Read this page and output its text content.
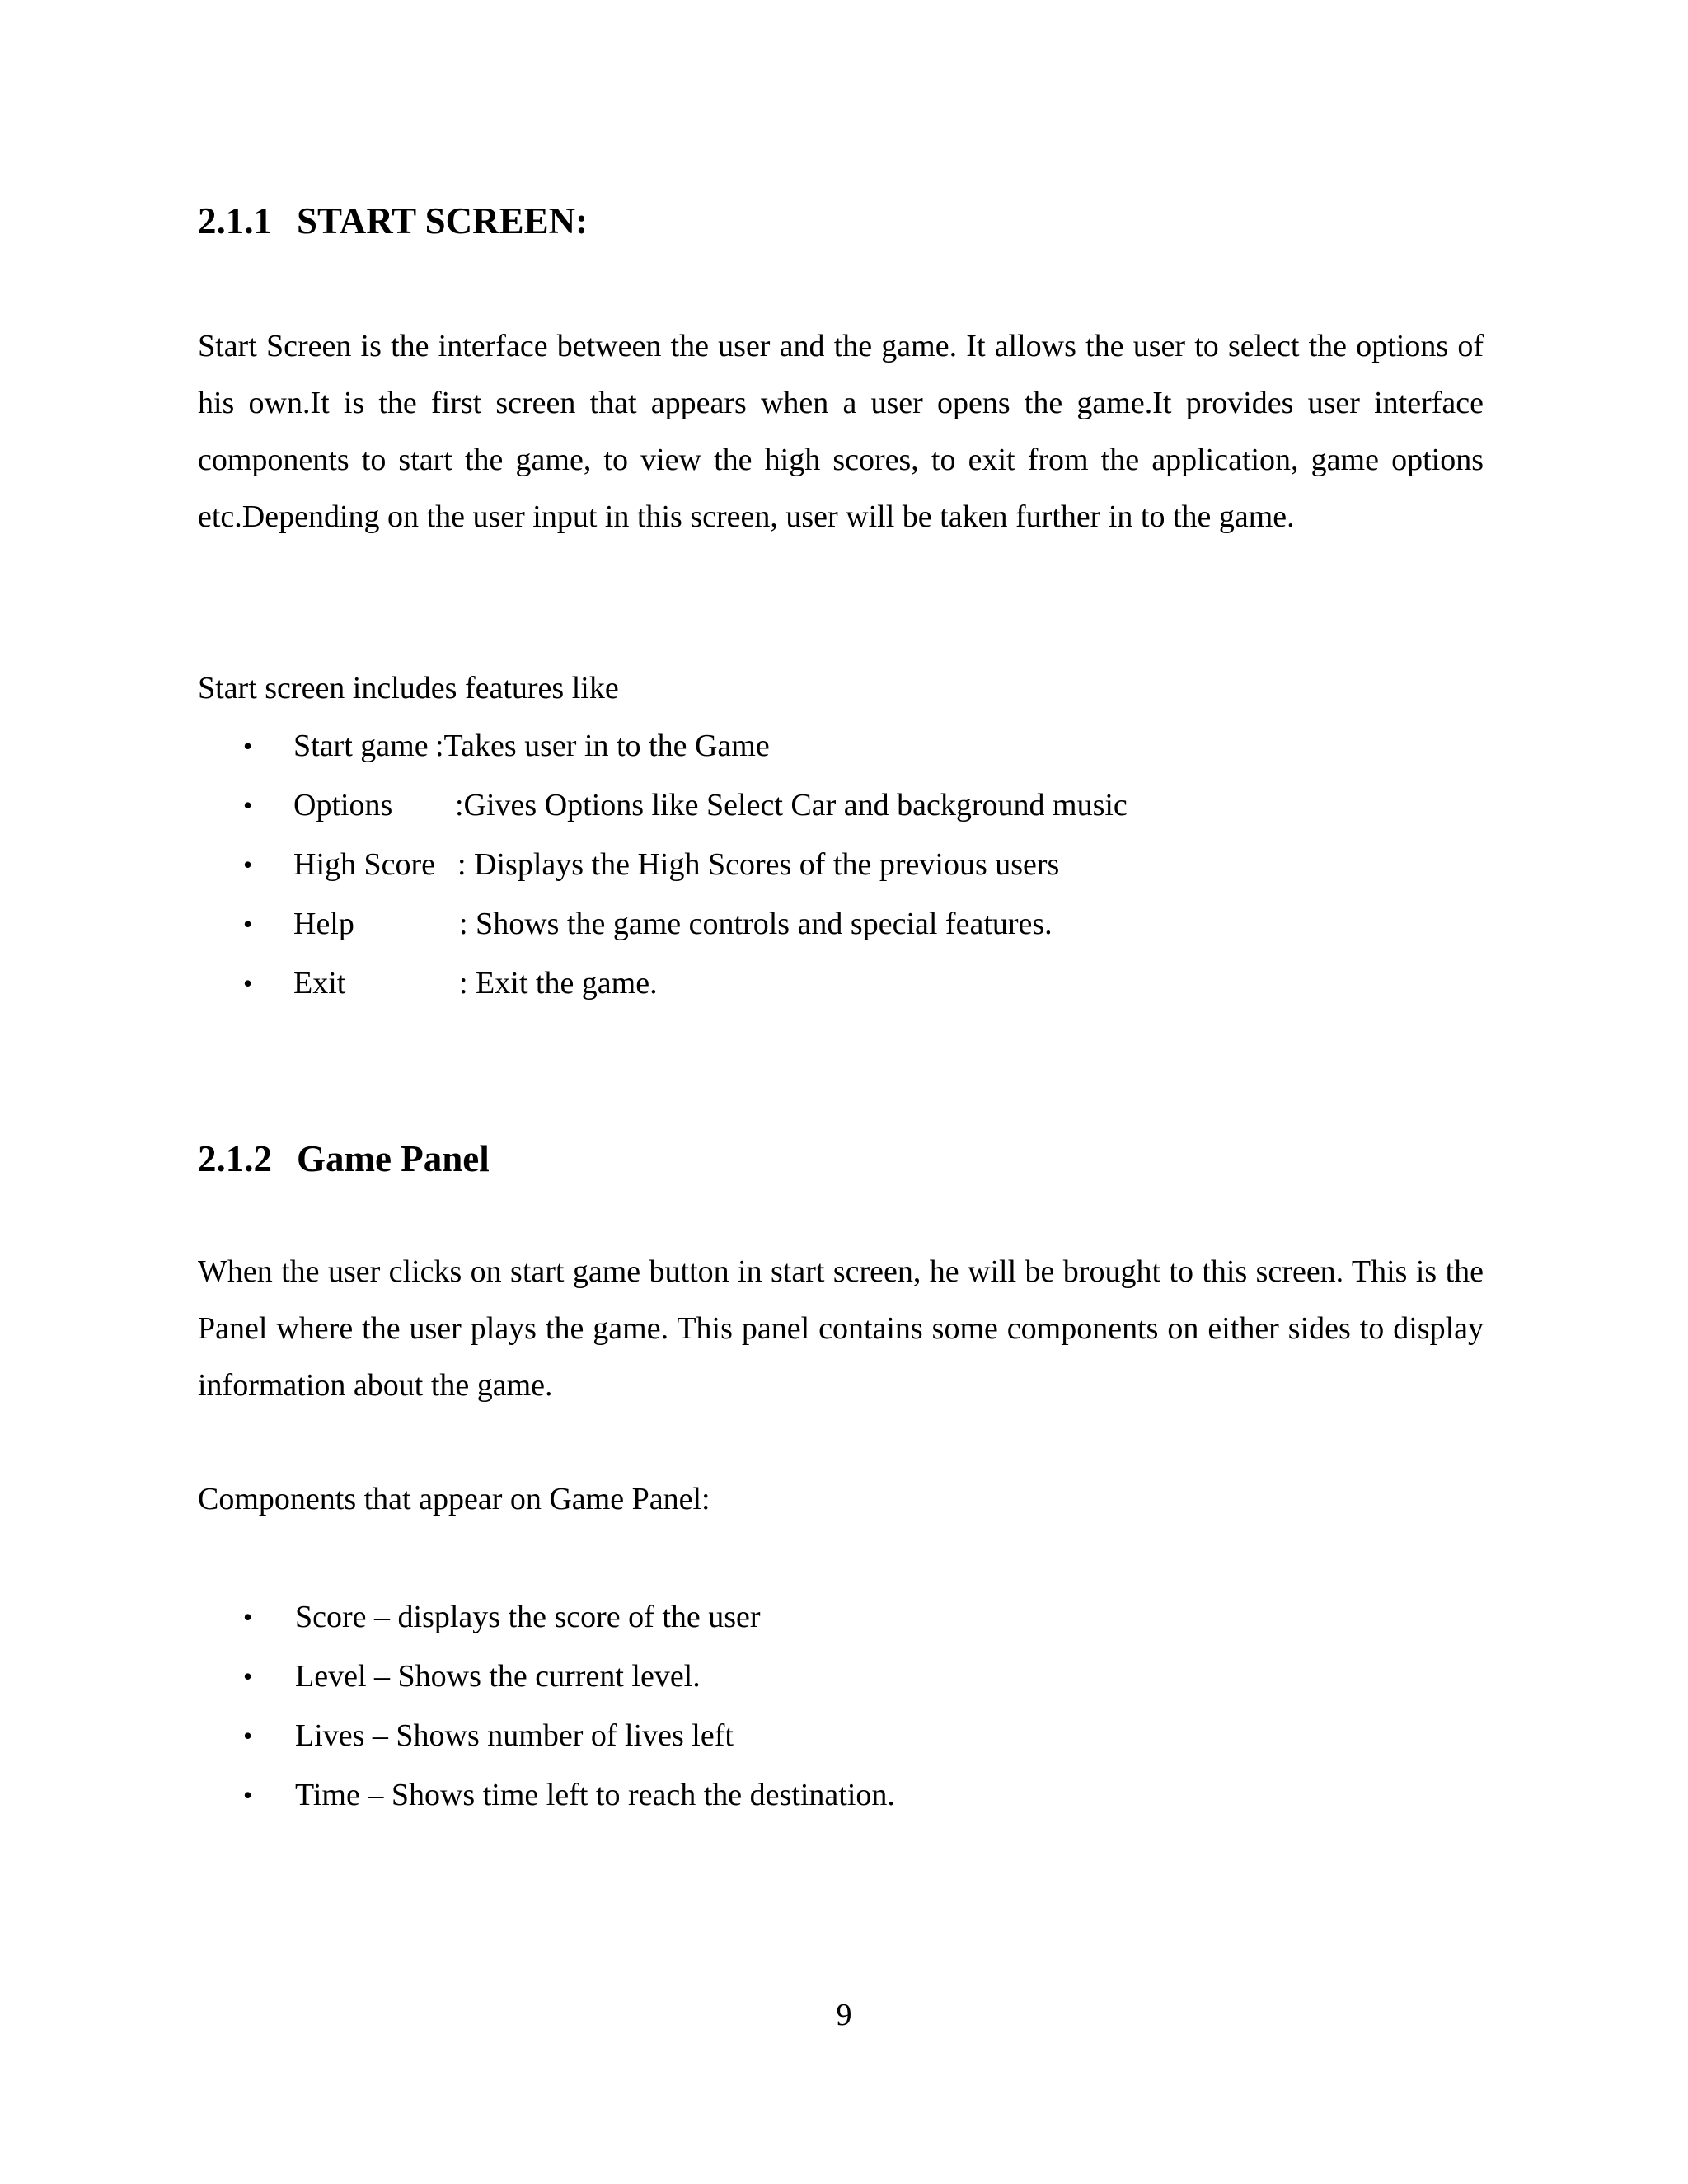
2.1.1 START SCREEN:

Start Screen is the interface between the user and the game. It allows the user to select the options of his own.It is the first screen that appears when a user opens the game.It provides user interface components to start the game, to view the high scores, to exit from the application, game options etc.Depending on the user input in this screen, user will be taken further in to the game.

Start screen includes features like

• Start game :Takes user in to the Game
• Options :Gives Options like Select Car and background music
• High Score : Displays the High Scores of the previous users
• Help	: Shows the game controls and special features.
• Exit	: Exit the game.
2.1.2 Game Panel

When the user clicks on start game button in start screen, he will be brought to this screen. This is the Panel where the user plays the game. This panel contains some components on either sides to display information about the game.

Components that appear on Game Panel:

• Score – displays the score of the user
• Level – Shows the current level.
• Lives – Shows number of lives left
• Time – Shows time left to reach the destination.
9
